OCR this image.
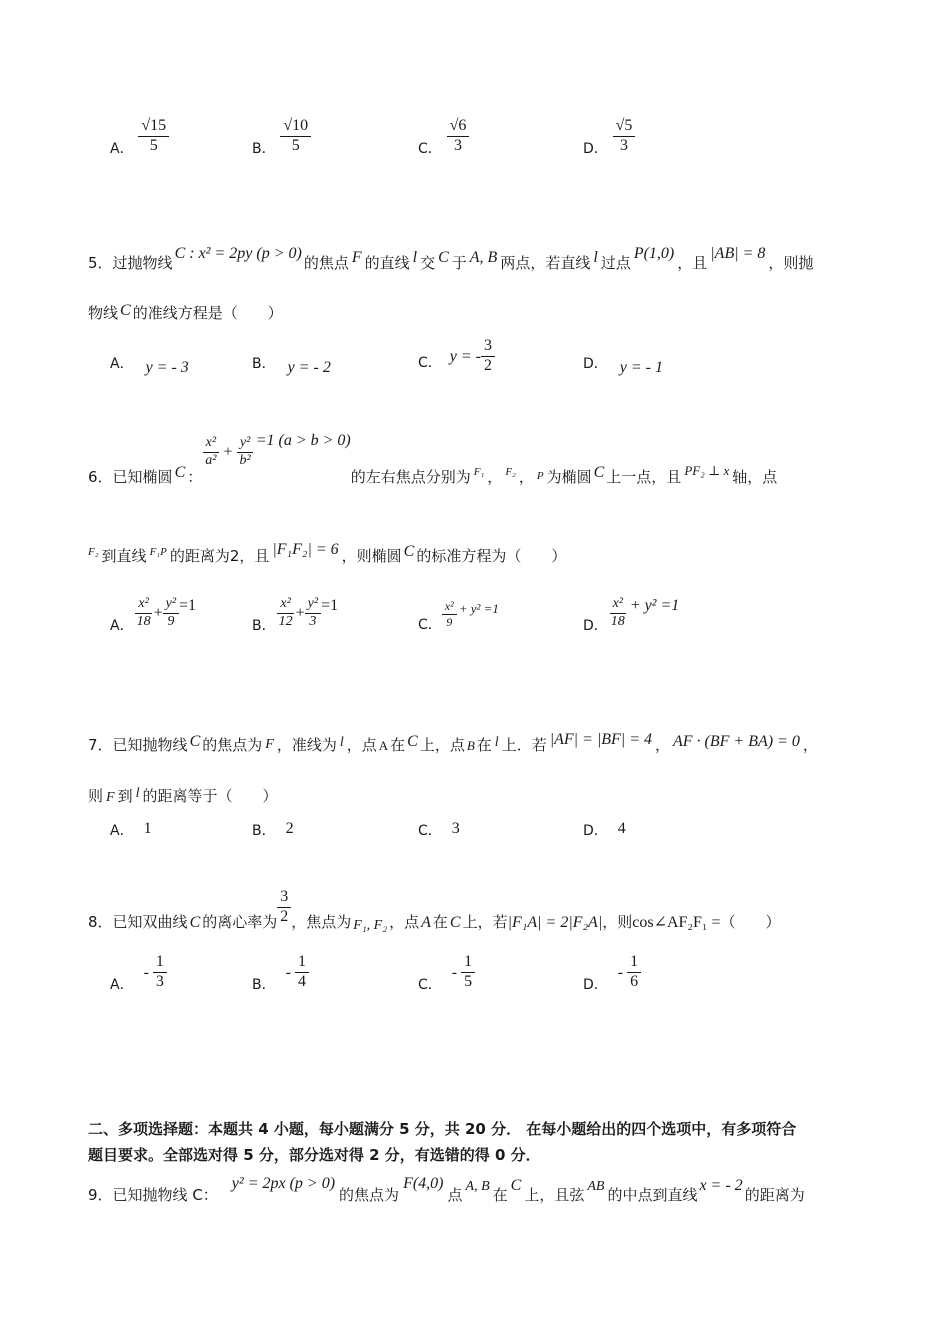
A． $\frac{√15}{5}$	B． $\frac{√10}{5}$	C． $\frac{√6}{3}$	D． $\frac{√5}{3}$
5．过抛物线C : x² = 2py (p > 0)的焦点 F 的直线 l 交 C 于 A, B 两点，若直线 l 过点P(1,0)，且|AB| = 8，则抛
物线 C 的准线方程是（　　）
A． y = - 3	B． y = - 2	C． y = - $\frac{3}{2}$	D． y = - 1
6．已知椭圆 C ：
$\frac{\text{x²}}{\text{a²}} + \frac{\text{y²}}{\text{b²}} =1$ (a > b > 0)的左右焦点分别为 $_{F_1}$ ， $_{F_2}$ ， $_P$ 为椭圆 C 上一点，且 PF₂ ⊥ x 轴，点
$^{F_2}$ 到直线 $^{F_1P}$ 的距离为2，且 |F₁F₂| = 6 ，则椭圆 C 的标准方程为（　　）
A． $\frac{\text{x²}}{18} + \frac{\text{y²}}{9} =1$
B． $\frac{\text{x²}}{12} + \frac{\text{y²}}{3} =1$
C． $\frac{\text{x²}}{9} + y^2 =1$
D． $\frac{\text{x²}}{18} + y^2 =1$
7．已知抛物线 C 的焦点为 F ，准线为 l ，点 A 在 C 上，点 B 在 l 上．若 |AF| = |BF| = 4 ， AF · (BF + BA) = 0 ，
则 F 到 l 的距离等于（　　）
A． 1	B． 2	C． 3	D． 4
8．已知双曲线 C 的离心率为 $\frac{3}{2}$ ，焦点为 F₁, F₂ ，点 A 在 C 上，若|F₁A| = 2|F₂A|，则cos∠AF₂F₁ =（　　）
A．- $\frac{1}{3}$	B．- $\frac{1}{4}$	C．- $\frac{1}{5}$	D．- $\frac{1}{6}$
二、多项选择题：本题共 4 小题，每小题满分 5 分，共 20 分． 在每小题给出的四个选项中，有多项符合
题目要求。全部选对得 5 分，部分选对得 2 分，有选错的得 0 分．
9．已知抛物线 C：y² = 2px (p > 0)的焦点为F(4,0)点 A, B 在C上，且弦 AB 的中点到直线x = - 2的距离为
